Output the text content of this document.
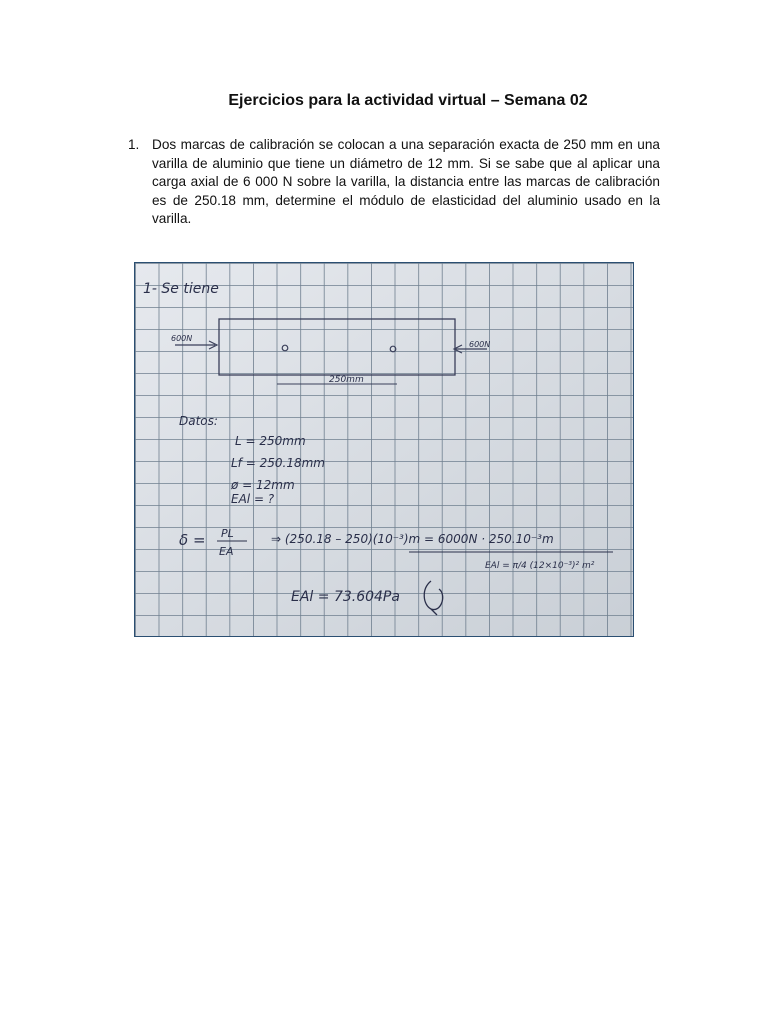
Ejercicios para la actividad virtual – Semana 02
1. Dos marcas de calibración se colocan a una separación exacta de 250 mm en una varilla de aluminio que tiene un diámetro de 12 mm. Si se sabe que al aplicar una carga axial de 6 000 N sobre la varilla, la distancia entre las marcas de calibración es de 250.18 mm, determine el módulo de elasticidad del aluminio usado en la varilla.
1- Se tiene
600N
600N
250mm
Datos:
L = 250mm
Lf = 250.18mm
ø = 12mm
EAl = ?
δ = PL
EA
⇒ (250.18 – 250)(10⁻³)m = 6000N · 250.10⁻³m
EAl = π/4 (12×10⁻³)² m²
EAl = 73.604Pa
